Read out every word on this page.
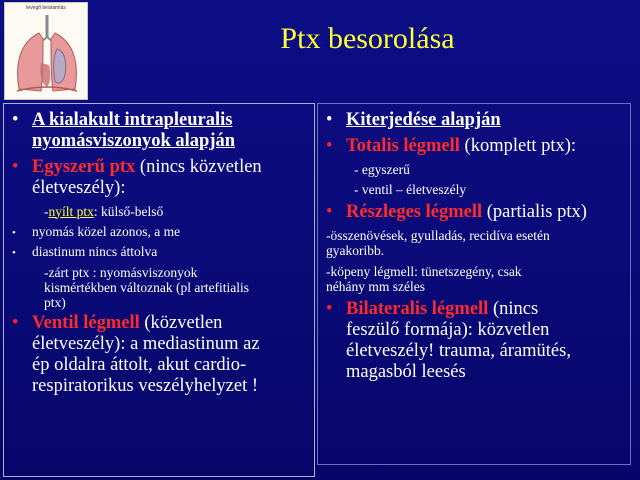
levegő beáramlás
Ptx besorolása
• A kialakult intrapleuralis
nyomásviszonyok alapján
• Egyszerű ptx (nincs közvetlen
életveszély):
-nyílt ptx: külső-belső
•	nyomás közel azonos, a me
•	diastinum nincs áttolva
-zárt ptx : nyomásviszonyok
kismértékben változnak (pl artefitialis
ptx)
• Ventil légmell (közvetlen
életveszély): a mediastinum az
ép oldalra áttolt, akut cardio-
respiratorikus veszélyhelyzet !
• Kiterjedése alapján
• Totalis légmell (komplett ptx):
- egyszerű
- ventil – életveszély
• Részleges légmell (partialis ptx)
-összenövések, gyulladás, recidíva esetén
gyakoribb.
-köpeny légmell: tünetszegény, csak
néhány mm széles
• Bilateralis légmell (nincs
feszülő formája): közvetlen
életveszély! trauma, áramütés,
magasból leesés
